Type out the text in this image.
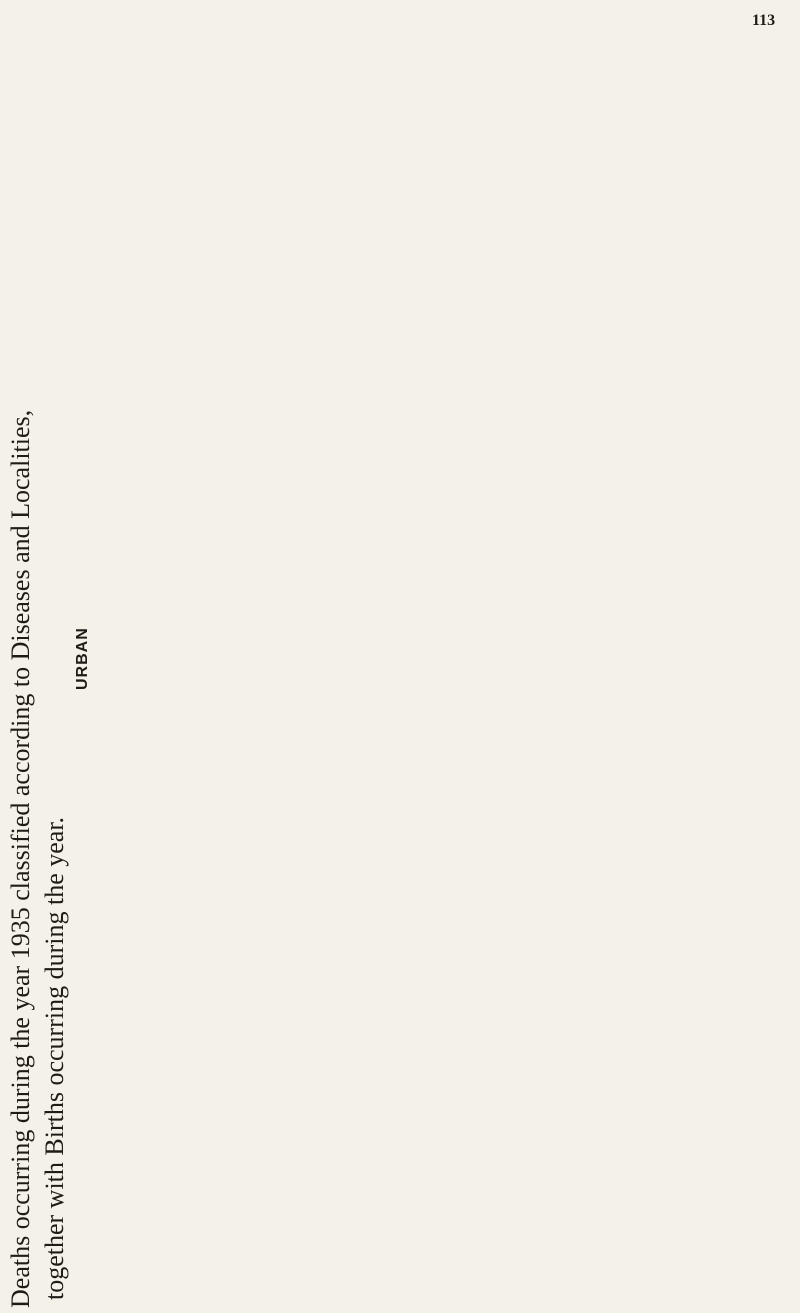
113
Deaths occurring during the year 1935 classified according to Diseases and Localities, together with Births occurring during the year.
URBAN
